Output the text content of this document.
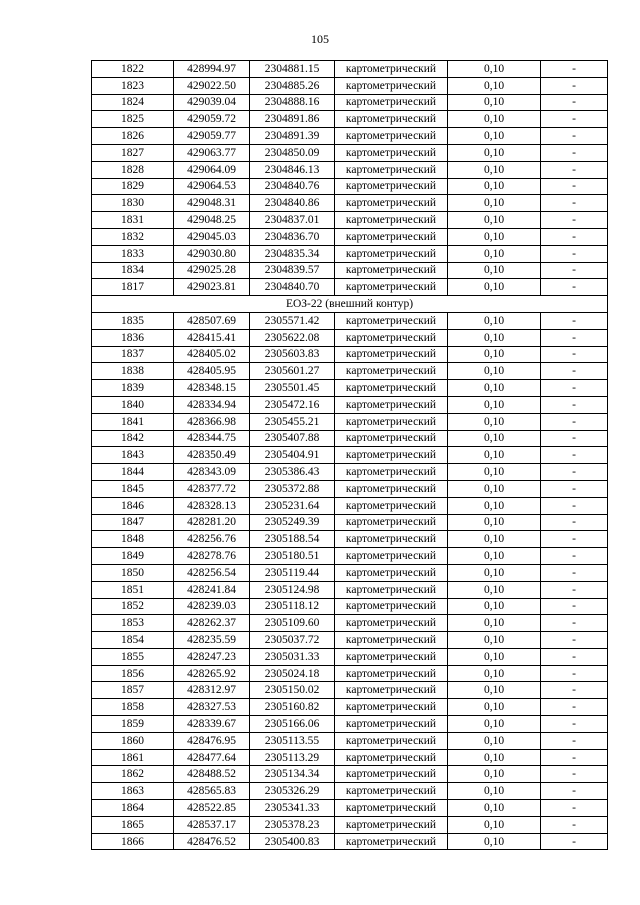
105
1822	428994.97	2304881.15	картометрический	0,10	-
1823	429022.50	2304885.26	картометрический	0,10	-
1824	429039.04	2304888.16	картометрический	0,10	-
1825	429059.72	2304891.86	картометрический	0,10	-
1826	429059.77	2304891.39	картометрический	0,10	-
1827	429063.77	2304850.09	картометрический	0,10	-
1828	429064.09	2304846.13	картометрический	0,10	-
1829	429064.53	2304840.76	картометрический	0,10	-
1830	429048.31	2304840.86	картометрический	0,10	-
1831	429048.25	2304837.01	картометрический	0,10	-
1832	429045.03	2304836.70	картометрический	0,10	-
1833	429030.80	2304835.34	картометрический	0,10	-
1834	429025.28	2304839.57	картометрический	0,10	-
1817	429023.81	2304840.70	картометрический	0,10	-
ЕОЗ-22 (внешний контур)					
1835	428507.69	2305571.42	картометрический	0,10	-
1836	428415.41	2305622.08	картометрический	0,10	-
1837	428405.02	2305603.83	картометрический	0,10	-
1838	428405.95	2305601.27	картометрический	0,10	-
1839	428348.15	2305501.45	картометрический	0,10	-
1840	428334.94	2305472.16	картометрический	0,10	-
1841	428366.98	2305455.21	картометрический	0,10	-
1842	428344.75	2305407.88	картометрический	0,10	-
1843	428350.49	2305404.91	картометрический	0,10	-
1844	428343.09	2305386.43	картометрический	0,10	-
1845	428377.72	2305372.88	картометрический	0,10	-
1846	428328.13	2305231.64	картометрический	0,10	-
1847	428281.20	2305249.39	картометрический	0,10	-
1848	428256.76	2305188.54	картометрический	0,10	-
1849	428278.76	2305180.51	картометрический	0,10	-
1850	428256.54	2305119.44	картометрический	0,10	-
1851	428241.84	2305124.98	картометрический	0,10	-
1852	428239.03	2305118.12	картометрический	0,10	-
1853	428262.37	2305109.60	картометрический	0,10	-
1854	428235.59	2305037.72	картометрический	0,10	-
1855	428247.23	2305031.33	картометрический	0,10	-
1856	428265.92	2305024.18	картометрический	0,10	-
1857	428312.97	2305150.02	картометрический	0,10	-
1858	428327.53	2305160.82	картометрический	0,10	-
1859	428339.67	2305166.06	картометрический	0,10	-
1860	428476.95	2305113.55	картометрический	0,10	-
1861	428477.64	2305113.29	картометрический	0,10	-
1862	428488.52	2305134.34	картометрический	0,10	-
1863	428565.83	2305326.29	картометрический	0,10	-
1864	428522.85	2305341.33	картометрический	0,10	-
1865	428537.17	2305378.23	картометрический	0,10	-
1866	428476.52	2305400.83	картометрический	0,10	-
